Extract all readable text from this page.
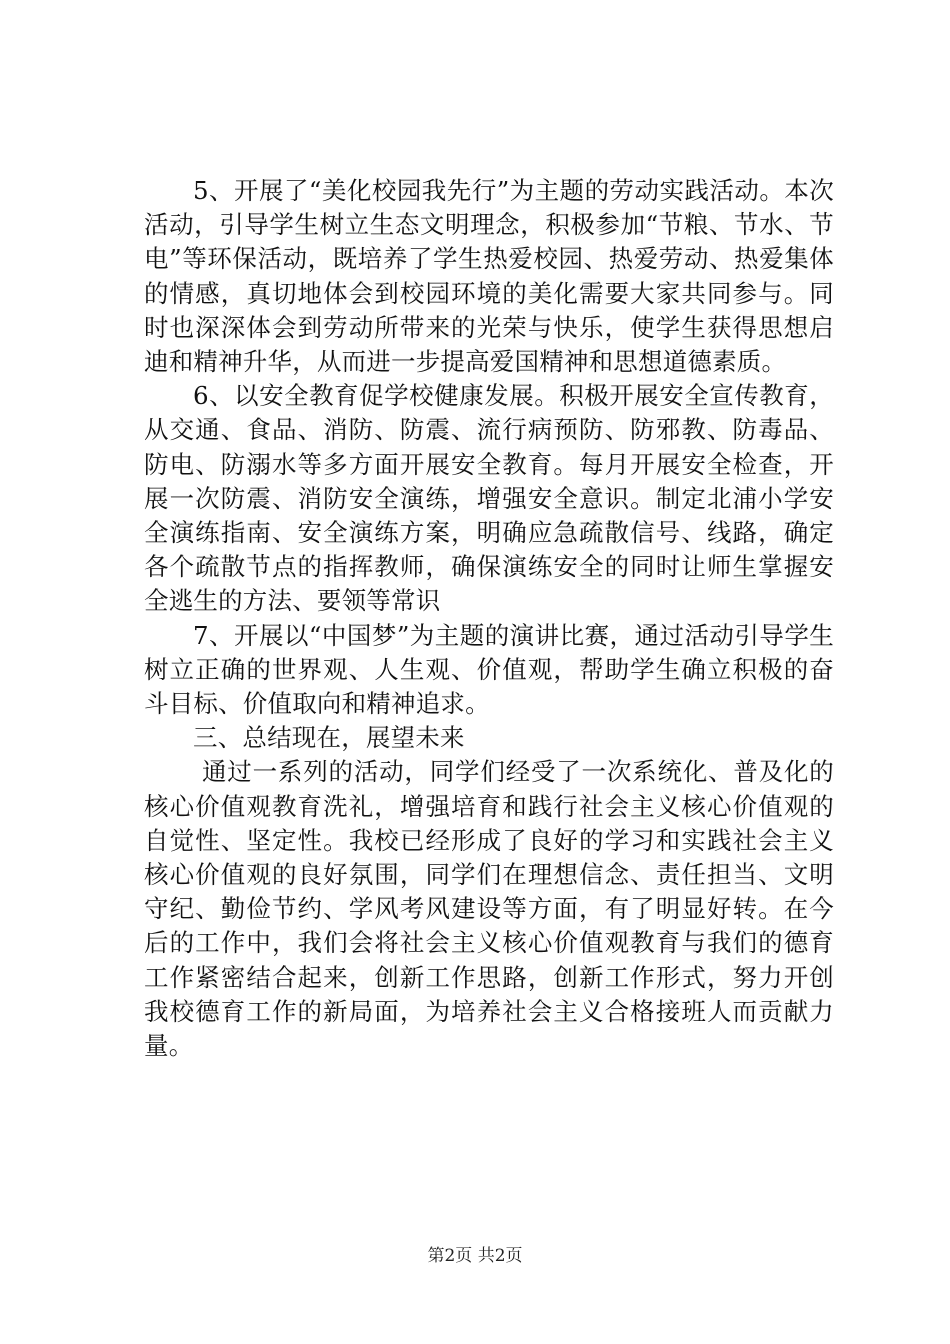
5、开展了“美化校园我先行”为主题的劳动实践活动。本次活动，引导学生树立生态文明理念，积极参加“节粮、节水、节电”等环保活动，既培养了学生热爱校园、热爱劳动、热爱集体的情感，真切地体会到校园环境的美化需要大家共同参与。同时也深深体会到劳动所带来的光荣与快乐，使学生获得思想启迪和精神升华，从而进一步提高爱国精神和思想道德素质。

6、以安全教育促学校健康发展。积极开展安全宣传教育，从交通、食品、消防、防震、流行病预防、防邪教、防毒品、防电、防溺水等多方面开展安全教育。每月开展安全检查，开展一次防震、消防安全演练，增强安全意识。制定北浦小学安全演练指南、安全演练方案，明确应急疏散信号、线路，确定各个疏散节点的指挥教师，确保演练安全的同时让师生掌握安全逃生的方法、要领等常识

7、开展以“中国梦”为主题的演讲比赛，通过活动引导学生树立正确的世界观、人生观、价值观，帮助学生确立积极的奋斗目标、价值取向和精神追求。

三、总结现在，展望未来

通过一系列的活动，同学们经受了一次系统化、普及化的核心价值观教育洗礼，增强培育和践行社会主义核心价值观的自觉性、坚定性。我校已经形成了良好的学习和实践社会主义核心价值观的良好氛围，同学们在理想信念、责任担当、文明守纪、勤俭节约、学风考风建设等方面，有了明显好转。在今后的工作中，我们会将社会主义核心价值观教育与我们的德育工作紧密结合起来，创新工作思路，创新工作形式，努力开创我校德育工作的新局面，为培养社会主义合格接班人而贡献力量。

第2页 共2页
